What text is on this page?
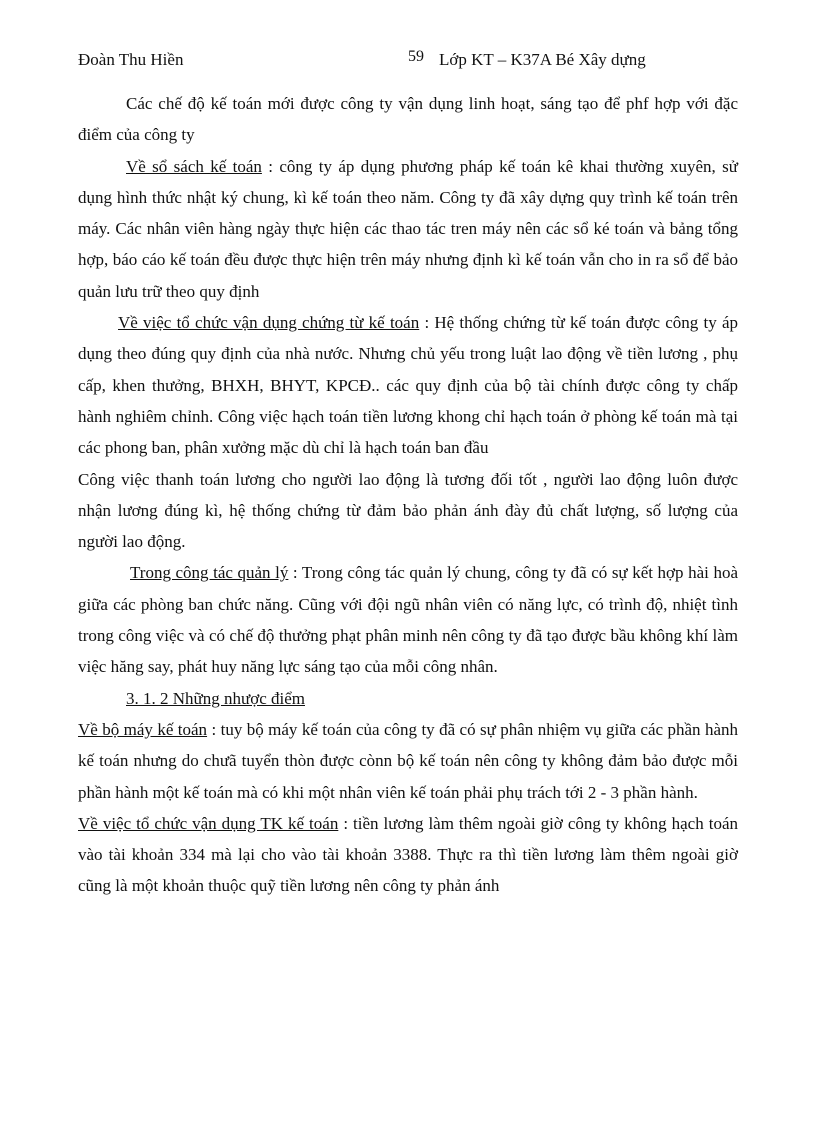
Đoàn Thu Hiền	59 Lớp KT – K37A Bé Xây dựng

Các chế độ kế toán mới được công ty vận dụng linh hoạt, sáng tạo để phf hợp với đặc điểm của công ty

Về sổ sách kế toán : công ty áp dụng phương pháp kế toán kê khai thường xuyên, sử dụng hình thức nhật ký chung, kì kế toán theo năm. Công ty đã xây dựng quy trình kế toán trên máy. Các nhân viên hàng ngày thực hiện các thao tác tren máy nên các sổ ké toán và bảng tổng hợp, báo cáo kế toán đều được thực hiện trên máy nhưng định kì kế toán vẫn cho in ra sổ để bảo quản lưu trữ theo quy định

Về việc tổ chức vận dụng chứng từ kế toán : Hệ thống chứng từ kế toán được công ty áp dụng theo đúng quy định của nhà nước. Nhưng chủ yếu trong luật lao động về tiền lương , phụ cấp, khen thưởng, BHXH, BHYT, KPCĐ.. các quy định của bộ tài chính được công ty chấp hành nghiêm chỉnh. Công việc hạch toán tiền lương khong chỉ hạch toán ở phòng kế toán mà tại các phong ban, phân xưởng mặc dù chỉ là hạch toán ban đầu

Công việc thanh toán lương cho người lao động là tương đối tốt , người lao động luôn được nhận lương đúng kì, hệ thống chứng từ đảm bảo phản ánh đày đủ chất lượng, số lượng của người lao động.

Trong công tác quản lý : Trong công tác quản lý chung, công ty đã có sự kết hợp hài hoà giữa các phòng ban chức năng. Cũng với đội ngũ nhân viên có năng lực, có trình độ, nhiệt tình trong công việc và có chế độ thưởng phạt phân minh nên công ty đã tạo được bầu không khí làm việc hăng say, phát huy năng lực sáng tạo của mỗi công nhân.

3. 1. 2 Những nhược điểm

Về bộ máy kế toán : tuy bộ máy kế toán của công ty đã có sự phân nhiệm vụ giữa các phần hành kế toán nhưng do chưã tuyển thòn được cònn bộ kế toán nên công ty không đảm bảo được mỗi phần hành một kế toán mà có khi một nhân viên kế toán phải phụ trách tới 2 - 3 phần hành.

Về việc tổ chức vận dụng TK kế toán : tiền lương làm thêm ngoài giờ công ty không hạch toán vào tài khoản 334 mà lại cho vào tài khoản 3388. Thực ra thì tiền lương làm thêm ngoài giờ cũng là một khoản thuộc quỹ tiền lương nên công ty phản ánh
